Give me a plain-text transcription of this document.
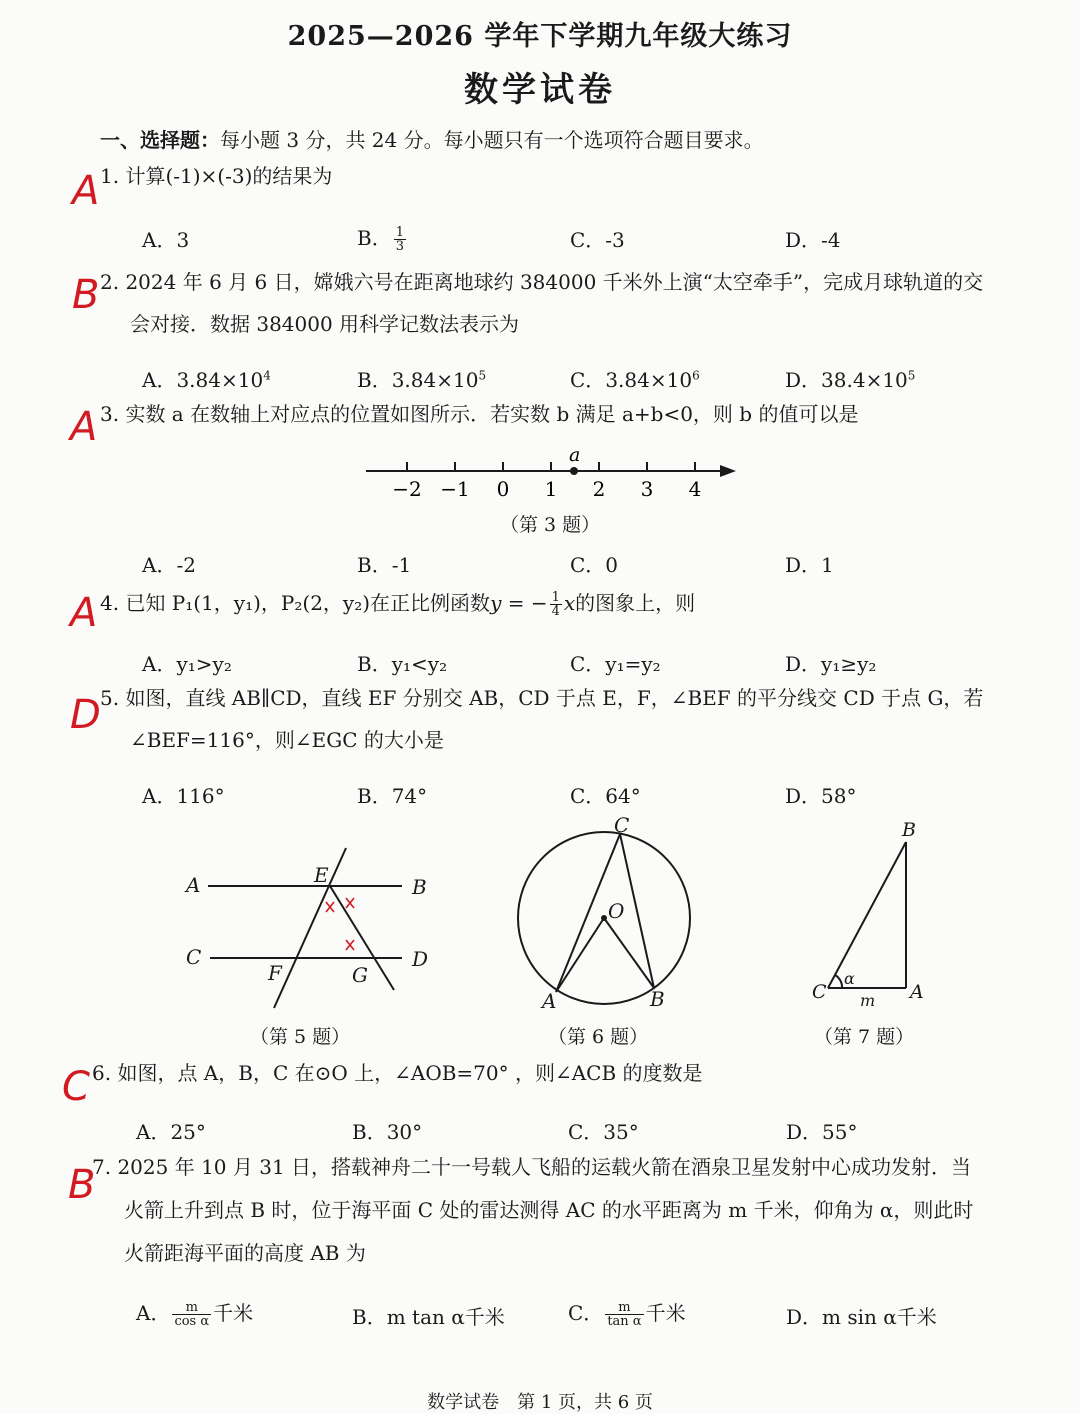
2025—2026 学年下学期九年级大练习
数学试卷
一、选择题：每小题 3 分，共 24 分。每小题只有一个选项符合题目要求。
A
B
A
A
D
C
B
1. 计算(-1)×(-3)的结果为
A．3	B． $\frac{1}{3}$	C．-3	D．-4
2. 2024 年 6 月 6 日，嫦娥六号在距离地球约 384000 千米外上演“太空牵手”，完成月球轨道的交
会对接．数据 384000 用科学记数法表示为
A．$3.84\times 10^4$	B．$3.84\times 10^5$	C．$3.84\times 10^6$	D．$38.4\times 10^5$
3. 实数 a 在数轴上对应点的位置如图所示．若实数 b 满足 a+b<0，则 b 的值可以是
a
−2 −1 0 1 2 3 4
（第 3 题）
A．-2	B．-1	C．0	D．1
4. 已知 P₁(1，y₁)，P₂(2，y₂)在正比例函数y = − $\frac{1}{4}$ x的图象上，则
A．y₁>y₂	B．y₁<y₂	C．y₁=y₂	D．y₁≥y₂
5. 如图，直线 AB∥CD，直线 EF 分别交 AB，CD 于点 E，F，∠BEF 的平分线交 CD 于点 G，若
∠BEF=116°，则∠EGC 的大小是
A．116°	B．74°	C．64°	D．58°
A	B
C	D
E
F	G
（第 5 题）
C
O
A	B
（第 6 题）
B
C	A
α
m
（第 7 题）
6. 如图，点 A，B，C 在⊙O 上，∠AOB=70° ，则∠ACB 的度数是
A．25°	B．30°	C．35°	D．55°
7. 2025 年 10 月 31 日，搭载神舟二十一号载人飞船的运载火箭在酒泉卫星发射中心成功发射．当
火箭上升到点 B 时，位于海平面 C 处的雷达测得 AC 的水平距离为 m 千米，仰角为 α，则此时
火箭距海平面的高度 AB 为
A． $\frac{m}{\text{cos α}}$ 千米	B．m tan α千米	C． $\frac{m}{\text{tan α}}$ 千米	D．m sin α千米
数学试卷　第 1 页，共 6 页
